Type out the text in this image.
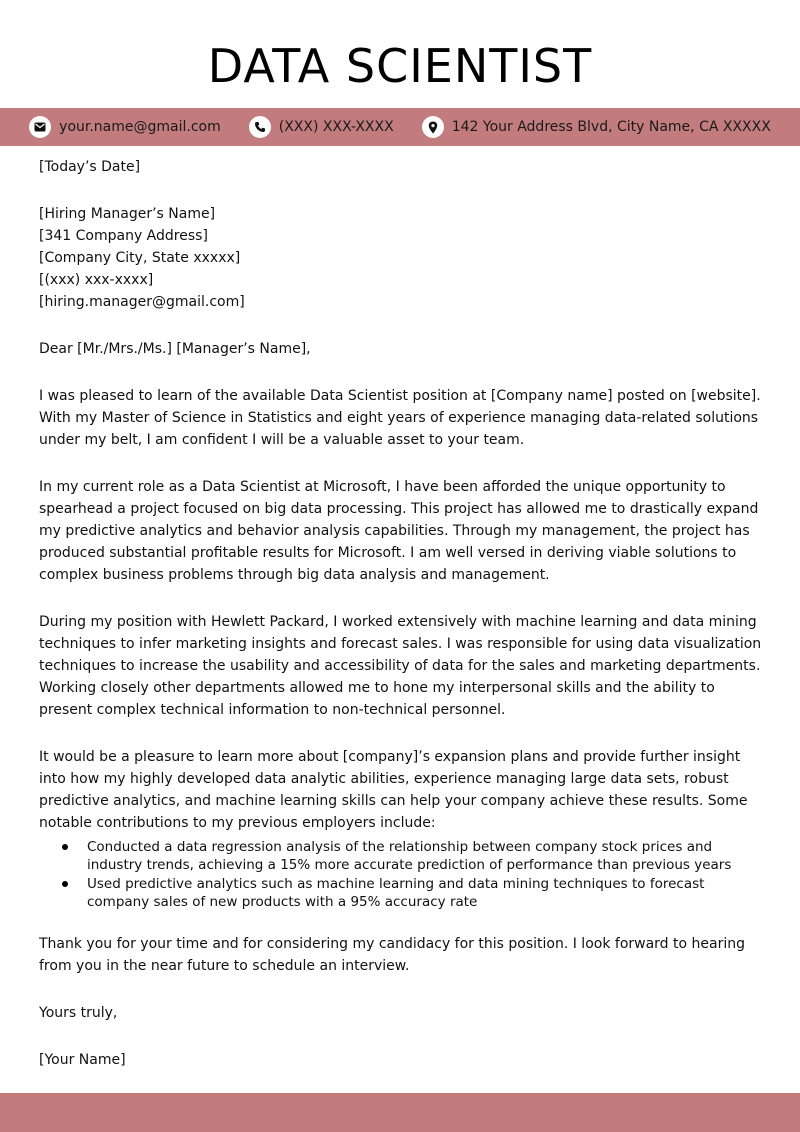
DATA SCIENTIST
your.name@gmail.com	(XXX) XXX-XXXX	142 Your Address Blvd, City Name, CA XXXXX

[Today’s Date]

[Hiring Manager’s Name]

[341 Company Address]

[Company City, State xxxxx]

[(xxx) xxx-xxxx]

[hiring.manager@gmail.com]

Dear [Mr./Mrs./Ms.] [Manager’s Name],

I was pleased to learn of the available Data Scientist position at [Company name] posted on [website]. With my Master of Science in Statistics and eight years of experience managing data-related solutions under my belt, I am confident I will be a valuable asset to your team.

In my current role as a Data Scientist at Microsoft, I have been afforded the unique opportunity to spearhead a project focused on big data processing. This project has allowed me to drastically expand my predictive analytics and behavior analysis capabilities. Through my management, the project has produced substantial profitable results for Microsoft. I am well versed in deriving viable solutions to complex business problems through big data analysis and management.

During my position with Hewlett Packard, I worked extensively with machine learning and data mining techniques to infer marketing insights and forecast sales. I was responsible for using data visualization techniques to increase the usability and accessibility of data for the sales and marketing departments. Working closely other departments allowed me to hone my interpersonal skills and the ability to present complex technical information to non-technical personnel.

It would be a pleasure to learn more about [company]’s expansion plans and provide further insight into how my highly developed data analytic abilities, experience managing large data sets, robust predictive analytics, and machine learning skills can help your company achieve these results. Some notable contributions to my previous employers include:

Conducted a data regression analysis of the relationship between company stock prices and industry trends, achieving a 15% more accurate prediction of performance than previous years
Used predictive analytics such as machine learning and data mining techniques to forecast company sales of new products with a 95% accuracy rate

Thank you for your time and for considering my candidacy for this position. I look forward to hearing from you in the near future to schedule an interview.

Yours truly,

[Your Name]
